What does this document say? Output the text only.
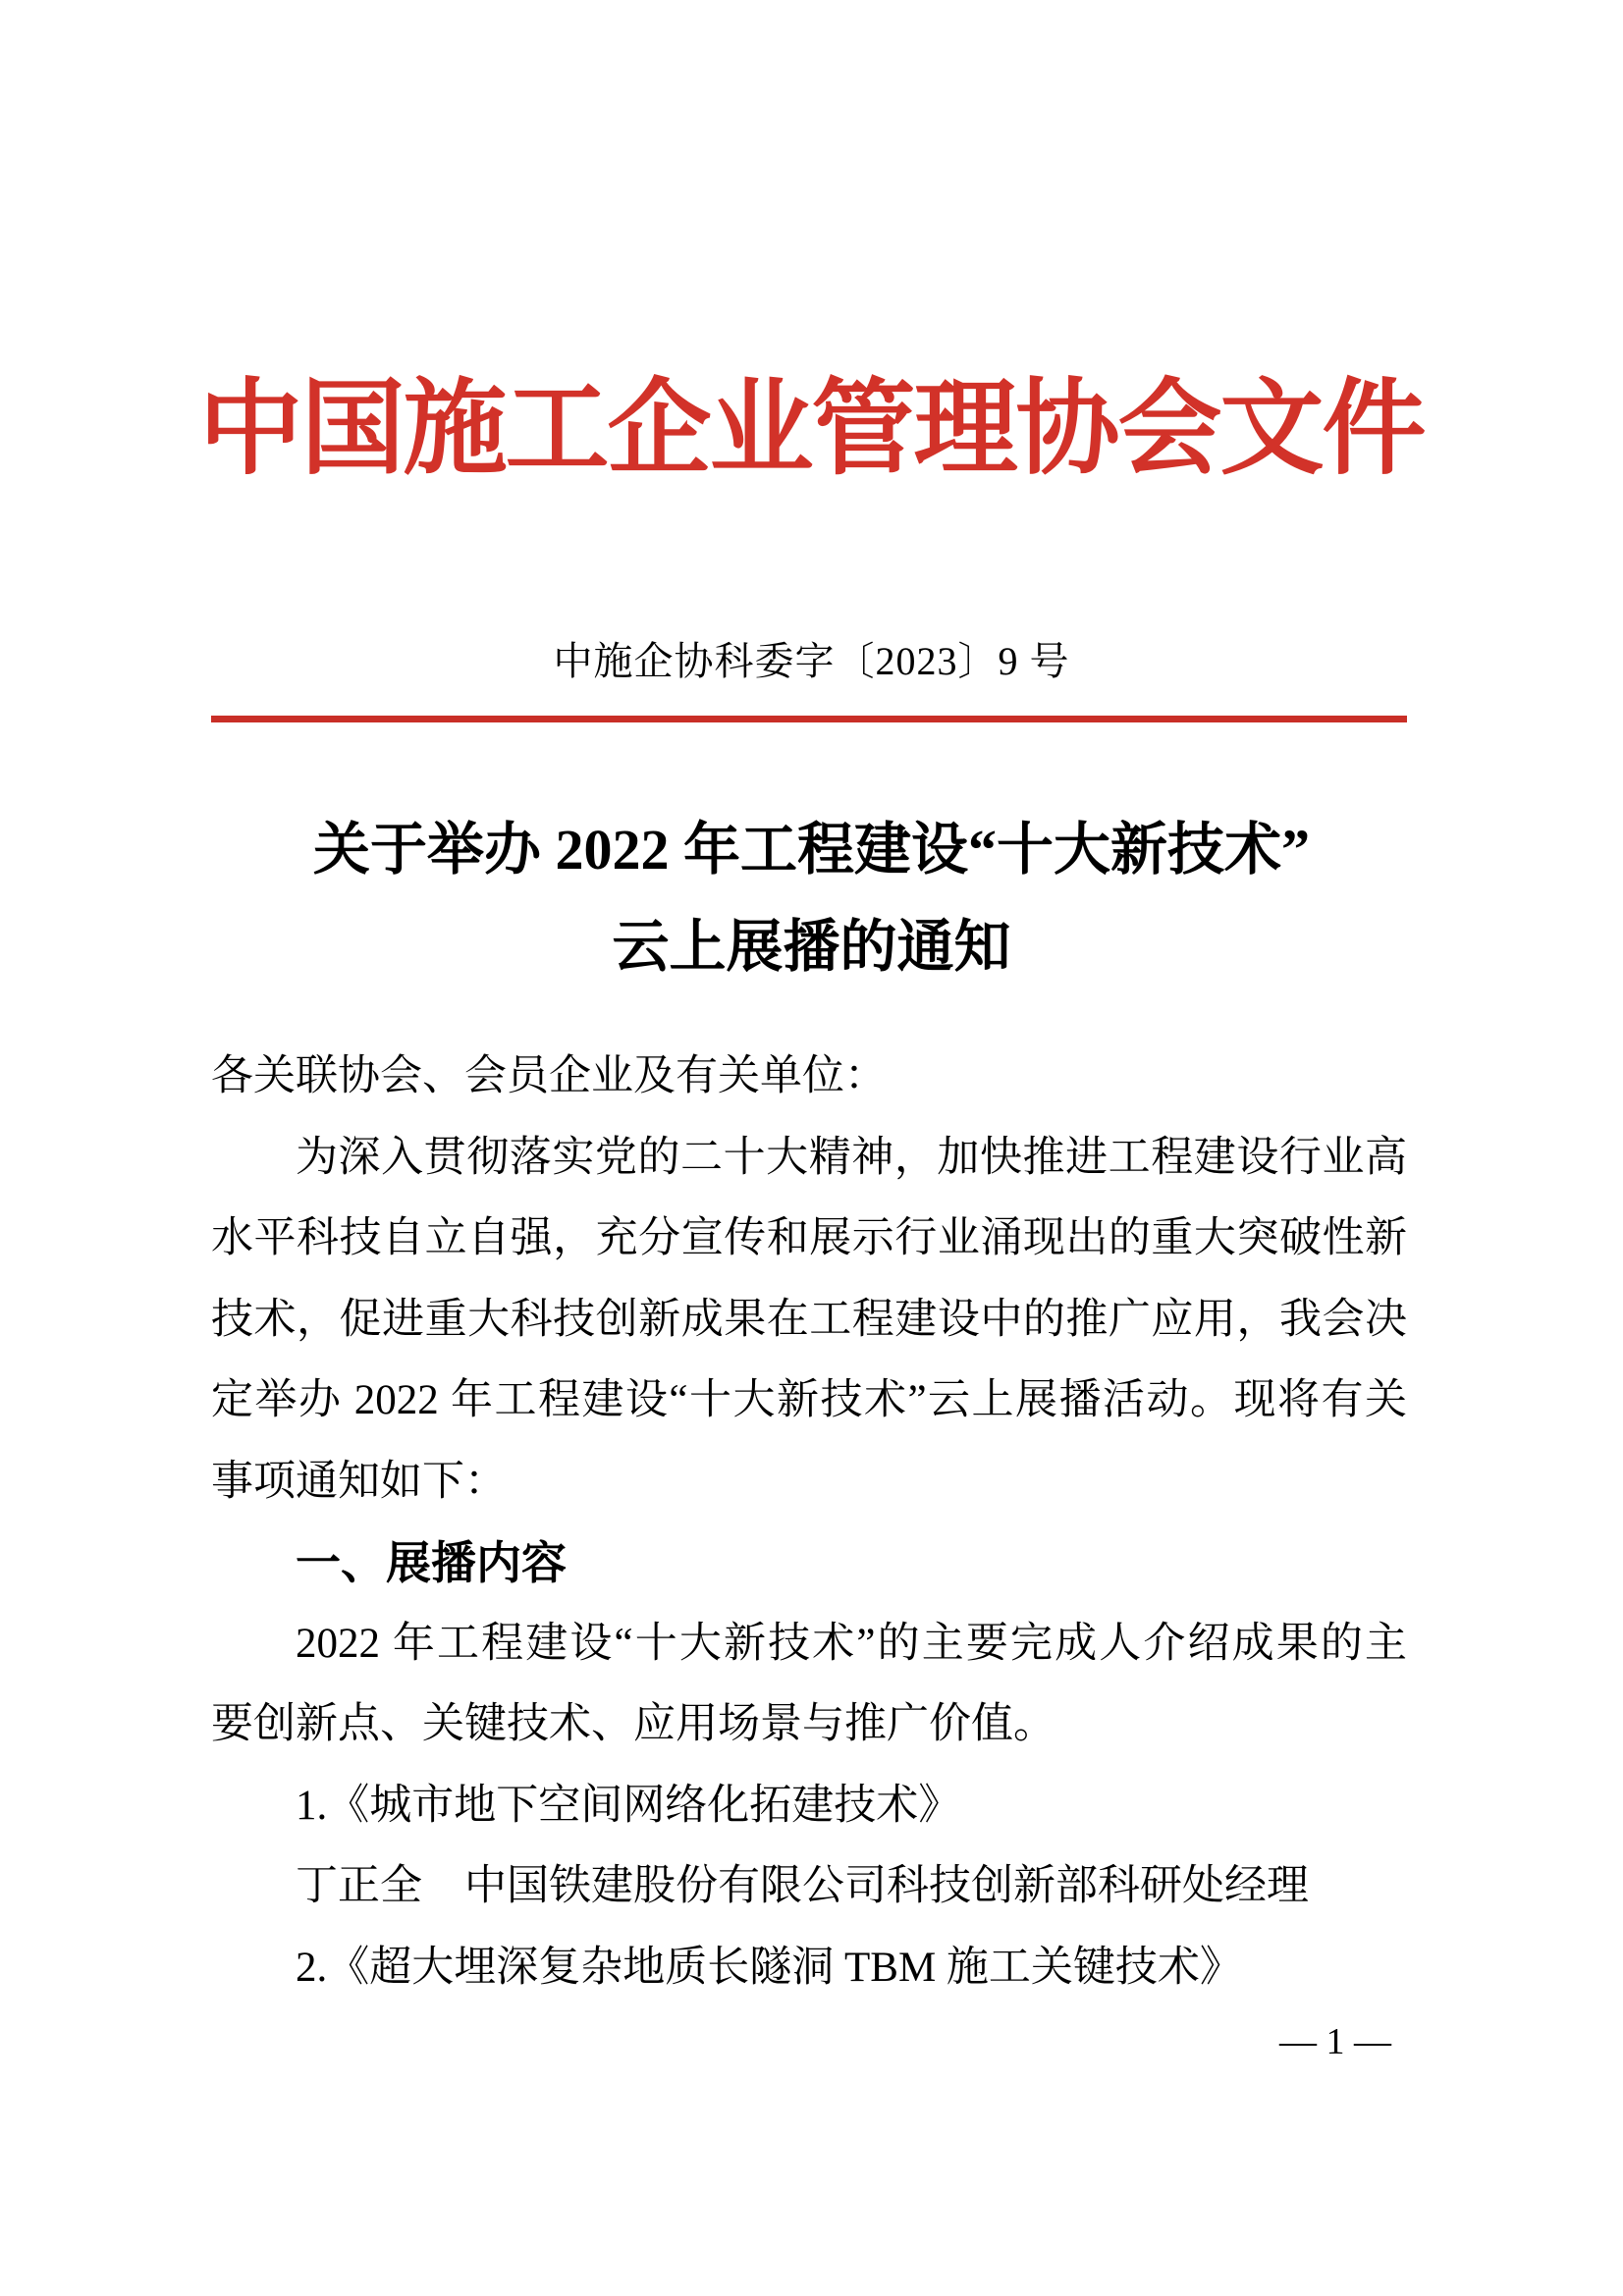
中国施工企业管理协会文件
中施企协科委字〔2023〕9 号
关于举办 2022 年工程建设“十大新技术”
云上展播的通知
各关联协会、会员企业及有关单位：
为深入贯彻落实党的二十大精神，加快推进工程建设行业高
水平科技自立自强，充分宣传和展示行业涌现出的重大突破性新
技术，促进重大科技创新成果在工程建设中的推广应用，我会决
定举办 2022 年工程建设“十大新技术”云上展播活动。现将有关
事项通知如下：
一、展播内容
2022 年工程建设“十大新技术”的主要完成人介绍成果的主
要创新点、关键技术、应用场景与推广价值。
1.《城市地下空间网络化拓建技术》
丁正全　中国铁建股份有限公司科技创新部科研处经理
2.《超大埋深复杂地质长隧洞 TBM 施工关键技术》
— 1 —
